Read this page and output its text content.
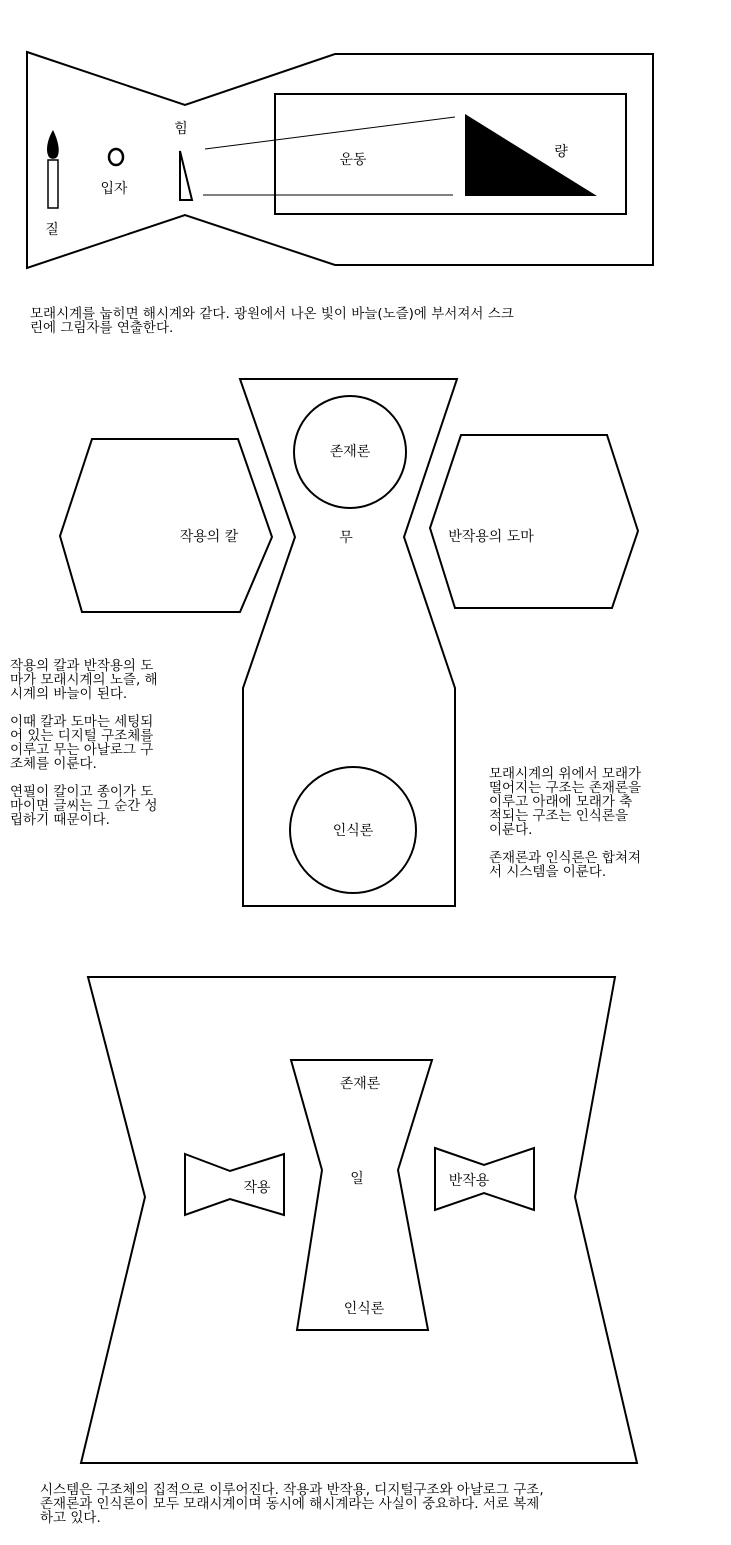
질
입자
힘
운동	량
존재론
무
인식론
작용의 칼	반작용의 도마
존재론
일
인식론
작용	반작용
모래시계를 눕히면 해시계와 같다. 광원에서 나온 빛이 바늘(노즐)에 부서져서 스크
린에 그림자를 연출한다.
작용의 칼과 반작용의 도
마가 모래시계의 노즐, 해
시계의 바늘이 된다.

이때 칼과 도마는 세팅되
어 있는 디지털 구조체를
이루고 무는 아날로그 구
조체를 이룬다.

연필이 칼이고 종이가 도
마이면 글씨는 그 순간 성
립하기 때문이다.
모래시계의 위에서 모래가
떨어지는 구조는 존재론을
이루고 아래에 모래가 축
적되는 구조는 인식론을
이룬다.

존재론과 인식론은 합쳐져
서 시스템을 이룬다.
시스템은 구조체의 집적으로 이루어진다. 작용과 반작용, 디지털구조와 아날로그 구조,
존재론과 인식론이 모두 모래시계이며 동시에 해시계라는 사실이 중요하다. 서로 복제
하고 있다.
